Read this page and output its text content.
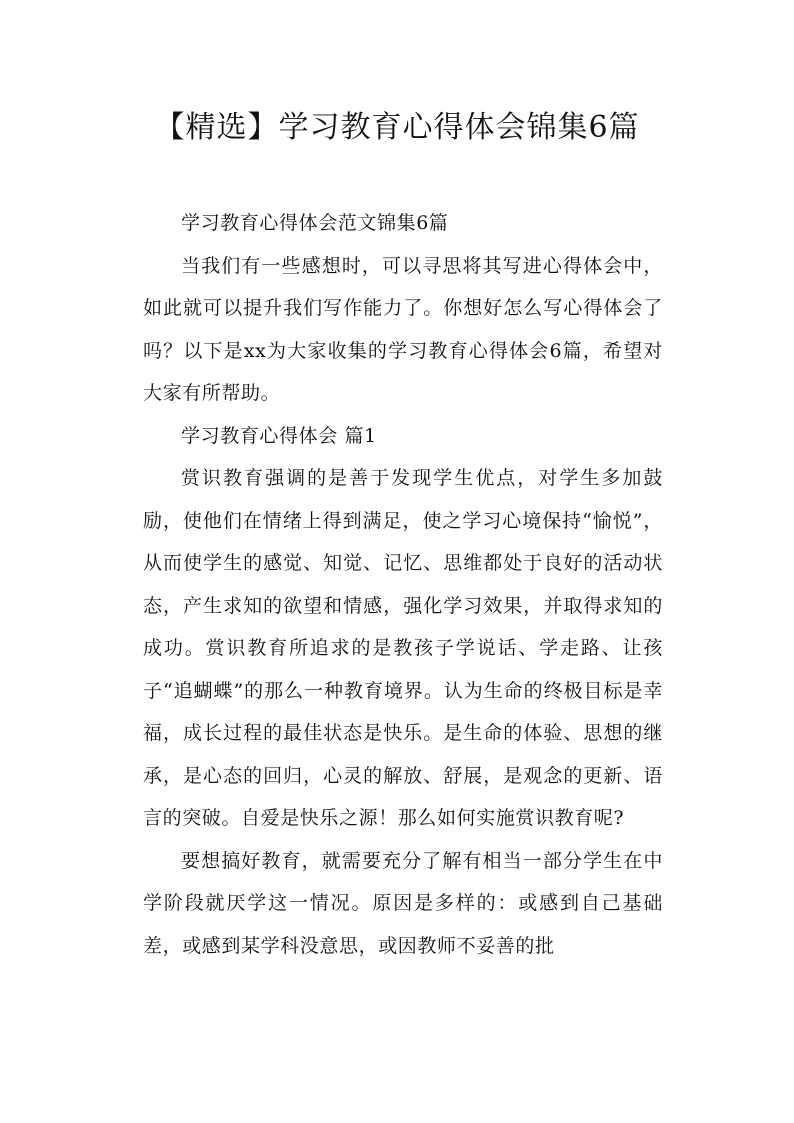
【精选】学习教育心得体会锦集6篇

学习教育心得体会范文锦集6篇

当我们有一些感想时，可以寻思将其写进心得体会中，如此就可以提升我们写作能力了。你想好怎么写心得体会了吗？以下是xx为大家收集的学习教育心得体会6篇，希望对大家有所帮助。

学习教育心得体会 篇1

赏识教育强调的是善于发现学生优点，对学生多加鼓励，使他们在情绪上得到满足，使之学习心境保持“愉悦”，从而使学生的感觉、知觉、记忆、思维都处于良好的活动状态，产生求知的欲望和情感，强化学习效果，并取得求知的成功。赏识教育所追求的是教孩子学说话、学走路、让孩子“追蝴蝶”的那么一种教育境界。认为生命的终极目标是幸福，成长过程的最佳状态是快乐。是生命的体验、思想的继承，是心态的回归，心灵的解放、舒展，是观念的更新、语言的突破。自爱是快乐之源！那么如何实施赏识教育呢?

要想搞好教育，就需要充分了解有相当一部分学生在中学阶段就厌学这一情况。原因是多样的：或感到自己基础差，或感到某学科没意思，或因教师不妥善的批
